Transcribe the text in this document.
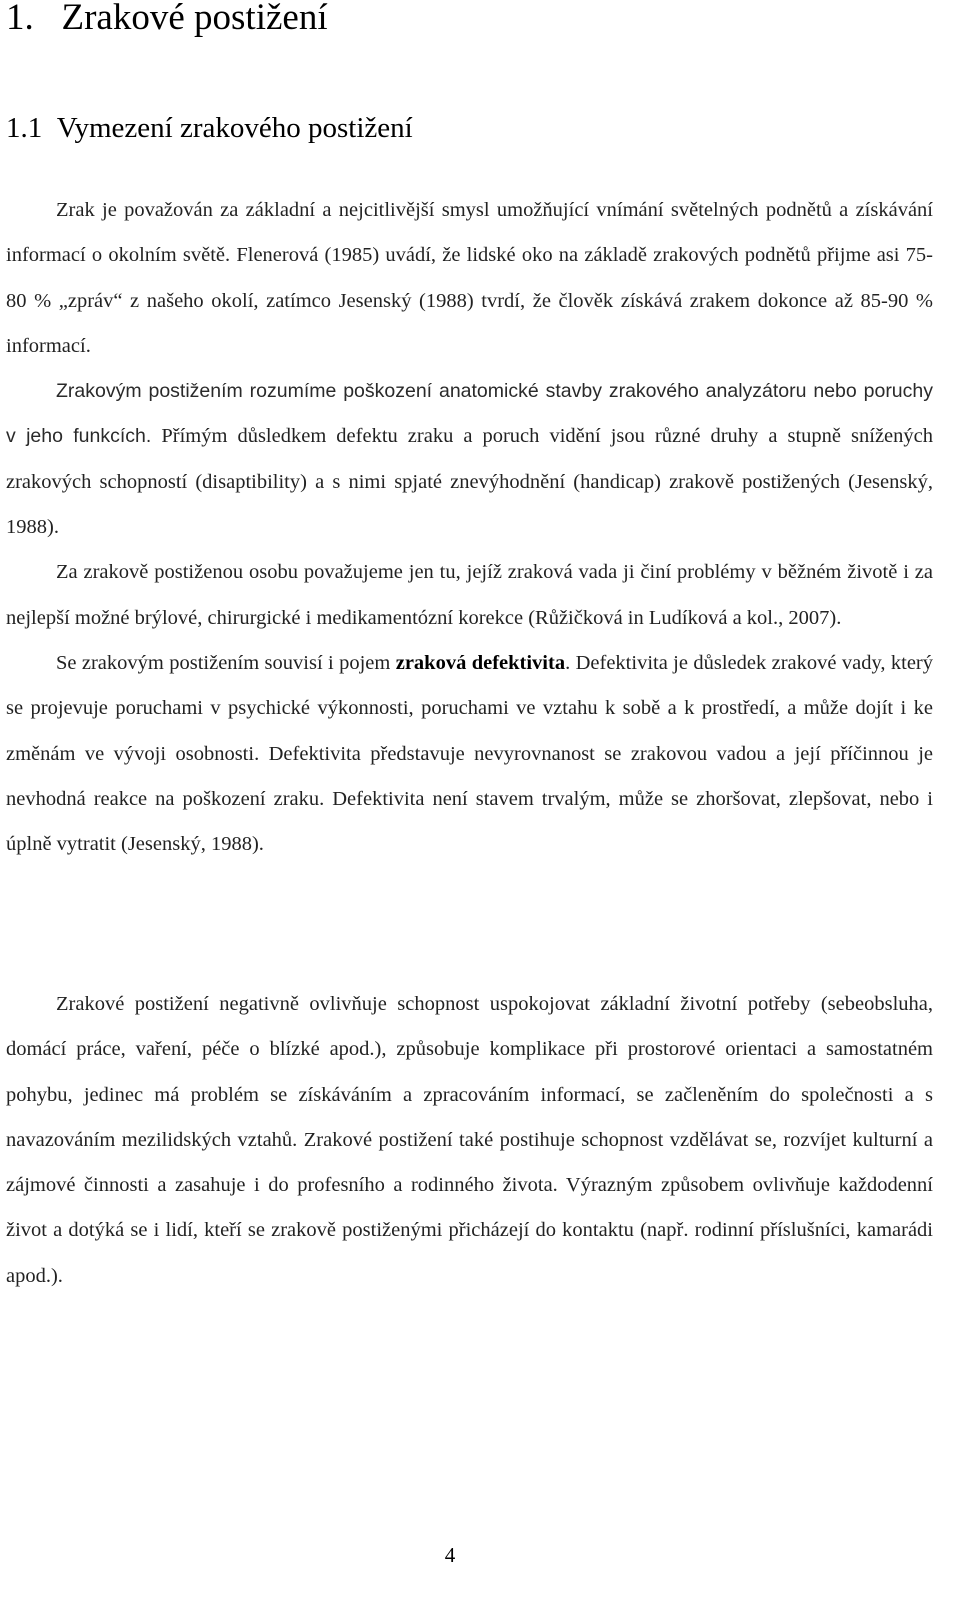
1. Zrakové postižení
1.1 Vymezení zrakového postižení

Zrak je považován za základní a nejcitlivější smysl umožňující vnímání světelných podnětů a získávání informací o okolním světě. Flenerová (1985) uvádí, že lidské oko na základě zrakových podnětů přijme asi 75-80 % „zpráv“ z našeho okolí, zatímco Jesenský (1988) tvrdí, že člověk získává zrakem dokonce až 85-90 % informací.

Zrakovým postižením rozumíme poškození anatomické stavby zrakového analyzátoru nebo poruchy v jeho funkcích. Přímým důsledkem defektu zraku a poruch vidění jsou různé druhy a stupně snížených zrakových schopností (disaptibility) a s nimi spjaté znevýhodnění (handicap) zrakově postižených (Jesenský, 1988).

Za zrakově postiženou osobu považujeme jen tu, jejíž zraková vada ji činí problémy v běžném životě i za nejlepší možné brýlové, chirurgické i medikamentózní korekce (Růžičková in Ludíková a kol., 2007).

Se zrakovým postižením souvisí i pojem zraková defektivita. Defektivita je důsledek zrakové vady, který se projevuje poruchami v psychické výkonnosti, poruchami ve vztahu k sobě a k prostředí, a může dojít i ke změnám ve vývoji osobnosti. Defektivita představuje nevyrovnanost se zrakovou vadou a její příčinnou je nevhodná reakce na poškození zraku. Defektivita není stavem trvalým, může se zhoršovat, zlepšovat, nebo i úplně vytratit (Jesenský, 1988).

Zrakové postižení negativně ovlivňuje schopnost uspokojovat základní životní potřeby (sebeobsluha, domácí práce, vaření, péče o blízké apod.), způsobuje komplikace při prostorové orientaci a samostatném pohybu, jedinec má problém se získáváním a zpracováním informací, se začleněním do společnosti a s navazováním mezilidských vztahů. Zrakové postižení také postihuje schopnost vzdělávat se, rozvíjet kulturní a zájmové činnosti a zasahuje i do profesního a rodinného života. Výrazným způsobem ovlivňuje každodenní život a dotýká se i lidí, kteří se zrakově postiženými přicházejí do kontaktu (např. rodinní příslušníci, kamarádi apod.).

4
